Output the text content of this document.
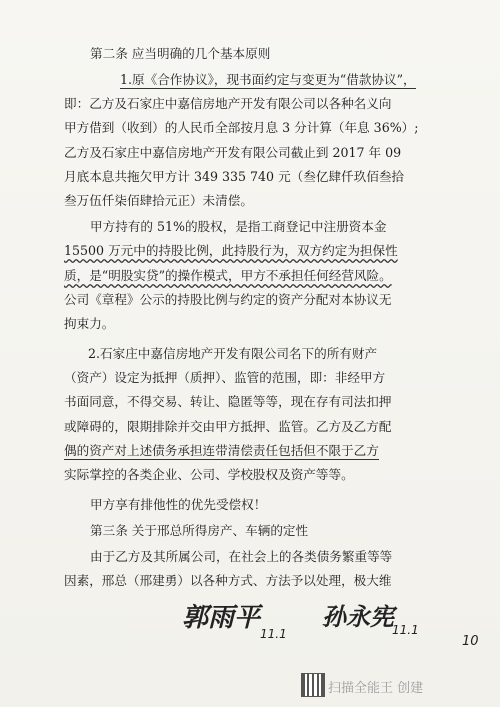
第二条 应当明确的几个基本原则
1.原《合作协议》，现书面约定与变更为“借款协议”，
即：乙方及石家庄中嘉信房地产开发有限公司以各种名义向
甲方借到（收到）的人民币全部按月息 3 分计算（年息 36%）;
乙方及石家庄中嘉信房地产开发有限公司截止到 2017 年 09
月底本息共拖欠甲方计 349 335 740 元（叁亿肆仟玖佰叁拾
叁万伍仟柒佰肆拾元正）未清偿。
甲方持有的 51%的股权，是指工商登记中注册资本金
15500 万元中的持股比例，此持股行为，双方约定为担保性
质，是“明股实贷”的操作模式，甲方不承担任何经营风险。
公司《章程》公示的持股比例与约定的资产分配对本协议无
拘束力。
2.石家庄中嘉信房地产开发有限公司名下的所有财产
（资产）设定为抵押（质押）、监管的范围，即：非经甲方
书面同意，不得交易、转让、隐匿等等，现在存有司法扣押
或障碍的，限期排除并交由甲方抵押、监管。乙方及乙方配
偶的资产对上述债务承担连带清偿责任包括但不限于乙方
实际掌控的各类企业、公司、学校股权及资产等等。
甲方享有排他性的优先受偿权！
第三条 关于邢总所得房产、车辆的定性
由于乙方及其所属公司，在社会上的各类债务繁重等等
因素，邢总（邢建勇）以各种方式、方法予以处理，极大维
郭雨平
11.1
孙永宪
11.1
10
扫描全能王 创建
